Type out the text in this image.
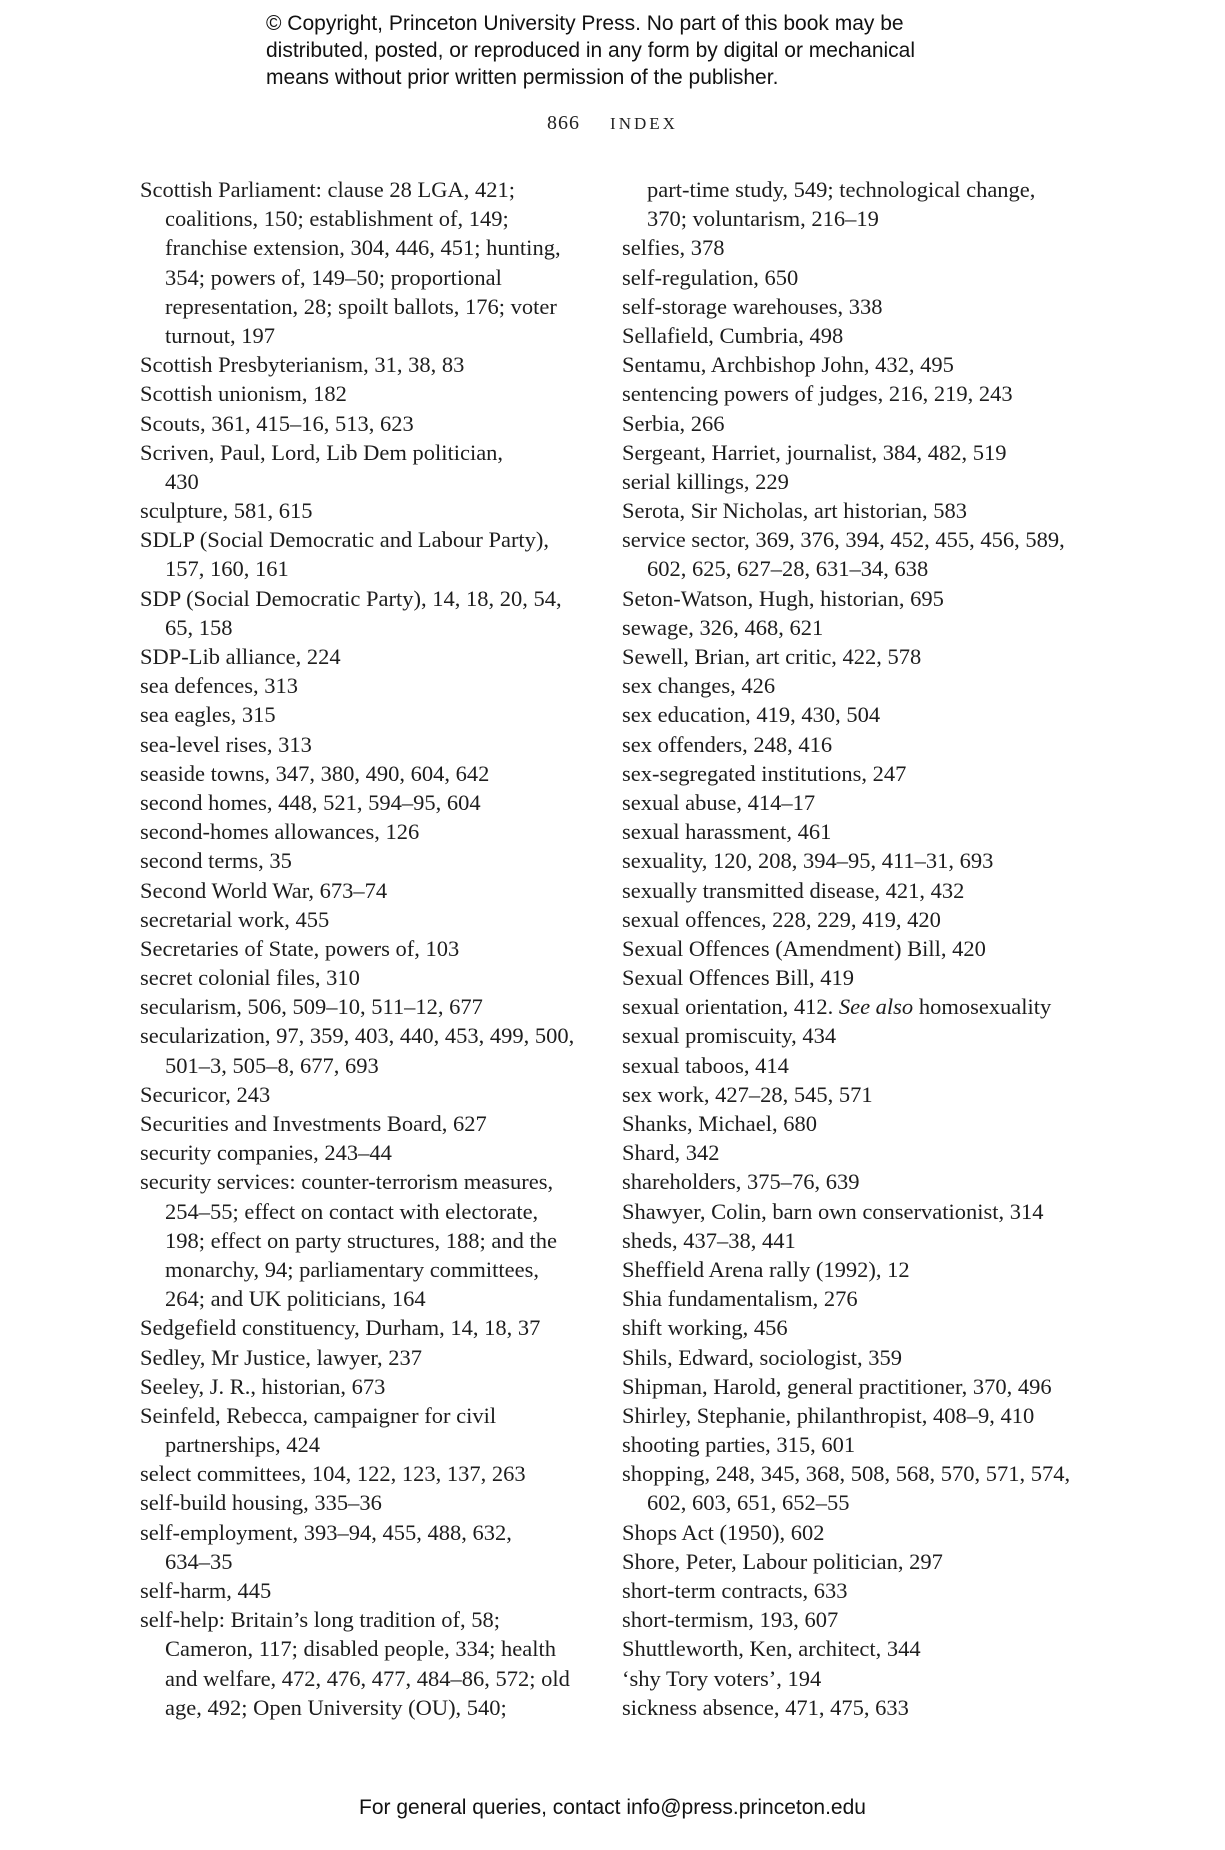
© Copyright, Princeton University Press. No part of this book may be
distributed, posted, or reproduced in any form by digital or mechanical
means without prior written permission of the publisher.
866 INDEX
Scottish Parliament: clause 28 LGA, 421;
coalitions, 150; establishment of, 149;
franchise extension, 304, 446, 451; hunting,
354; powers of, 149–50; proportional
representation, 28; spoilt ballots, 176; voter
turnout, 197
Scottish Presbyterianism, 31, 38, 83
Scottish unionism, 182
Scouts, 361, 415–16, 513, 623
Scriven, Paul, Lord, Lib Dem politician,
430
sculpture, 581, 615
SDLP (Social Democratic and Labour Party),
157, 160, 161
SDP (Social Democratic Party), 14, 18, 20, 54,
65, 158
SDP-Lib alliance, 224
sea defences, 313
sea eagles, 315
sea-level rises, 313
seaside towns, 347, 380, 490, 604, 642
second homes, 448, 521, 594–95, 604
second-homes allowances, 126
second terms, 35
Second World War, 673–74
secretarial work, 455
Secretaries of State, powers of, 103
secret colonial files, 310
secularism, 506, 509–10, 511–12, 677
secularization, 97, 359, 403, 440, 453, 499, 500,
501–3, 505–8, 677, 693
Securicor, 243
Securities and Investments Board, 627
security companies, 243–44
security services: counter-terrorism measures,
254–55; effect on contact with electorate,
198; effect on party structures, 188; and the
monarchy, 94; parliamentary committees,
264; and UK politicians, 164
Sedgefield constituency, Durham, 14, 18, 37
Sedley, Mr Justice, lawyer, 237
Seeley, J. R., historian, 673
Seinfeld, Rebecca, campaigner for civil
partnerships, 424
select committees, 104, 122, 123, 137, 263
self-build housing, 335–36
self-employment, 393–94, 455, 488, 632,
634–35
self-harm, 445
self-help: Britain’s long tradition of, 58;
Cameron, 117; disabled people, 334; health
and welfare, 472, 476, 477, 484–86, 572; old
age, 492; Open University (OU), 540;
part-time study, 549; technological change,
370; voluntarism, 216–19
selfies, 378
self-regulation, 650
self-storage warehouses, 338
Sellafield, Cumbria, 498
Sentamu, Archbishop John, 432, 495
sentencing powers of judges, 216, 219, 243
Serbia, 266
Sergeant, Harriet, journalist, 384, 482, 519
serial killings, 229
Serota, Sir Nicholas, art historian, 583
service sector, 369, 376, 394, 452, 455, 456, 589,
602, 625, 627–28, 631–34, 638
Seton-Watson, Hugh, historian, 695
sewage, 326, 468, 621
Sewell, Brian, art critic, 422, 578
sex changes, 426
sex education, 419, 430, 504
sex offenders, 248, 416
sex-segregated institutions, 247
sexual abuse, 414–17
sexual harassment, 461
sexuality, 120, 208, 394–95, 411–31, 693
sexually transmitted disease, 421, 432
sexual offences, 228, 229, 419, 420
Sexual Offences (Amendment) Bill, 420
Sexual Offences Bill, 419
sexual orientation, 412. See also homosexuality
sexual promiscuity, 434
sexual taboos, 414
sex work, 427–28, 545, 571
Shanks, Michael, 680
Shard, 342
shareholders, 375–76, 639
Shawyer, Colin, barn own conservationist, 314
sheds, 437–38, 441
Sheffield Arena rally (1992), 12
Shia fundamentalism, 276
shift working, 456
Shils, Edward, sociologist, 359
Shipman, Harold, general practitioner, 370, 496
Shirley, Stephanie, philanthropist, 408–9, 410
shooting parties, 315, 601
shopping, 248, 345, 368, 508, 568, 570, 571, 574,
602, 603, 651, 652–55
Shops Act (1950), 602
Shore, Peter, Labour politician, 297
short-term contracts, 633
short-termism, 193, 607
Shuttleworth, Ken, architect, 344
‘shy Tory voters’, 194
sickness absence, 471, 475, 633
For general queries, contact info@press.princeton.edu
